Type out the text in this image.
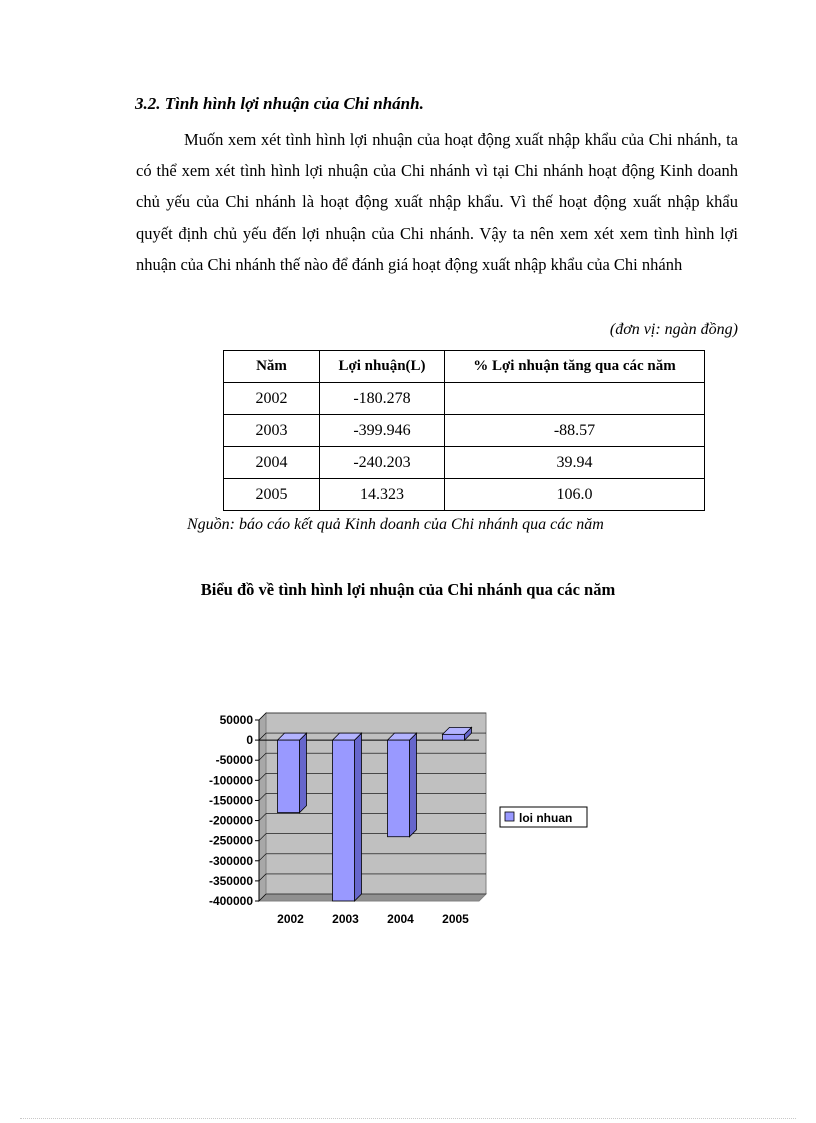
3.2. Tình hình lợi nhuận của Chi nhánh.
Muốn xem xét tình hình lợi nhuận của hoạt động xuất nhập khẩu của Chi nhánh, ta có thể xem xét tình hình lợi nhuận của Chi nhánh vì tại Chi nhánh hoạt động Kinh doanh chủ yếu của Chi nhánh là hoạt động xuất nhập khẩu. Vì thế hoạt động xuất nhập khẩu quyết định chủ yếu đến lợi nhuận của Chi nhánh. Vậy ta nên xem xét xem tình hình lợi nhuận của Chi nhánh thế nào để đánh giá hoạt động xuất nhập khẩu của Chi nhánh
(đơn vị: ngàn đồng)
Năm	Lợi nhuận(L)	% Lợi nhuận tăng qua các năm
2002	-180.278	
2003	-399.946	-88.57
2004	-240.203	39.94
2005	14.323	106.0
Nguồn: báo cáo kết quả Kinh doanh của Chi nhánh qua các năm
Biểu đồ về tình hình lợi nhuận của Chi nhánh qua các năm
50000
0
-50000
-100000
-150000
-200000
-250000
-300000
-350000
-400000
2002 2003 2004 2005
loi nhuan
